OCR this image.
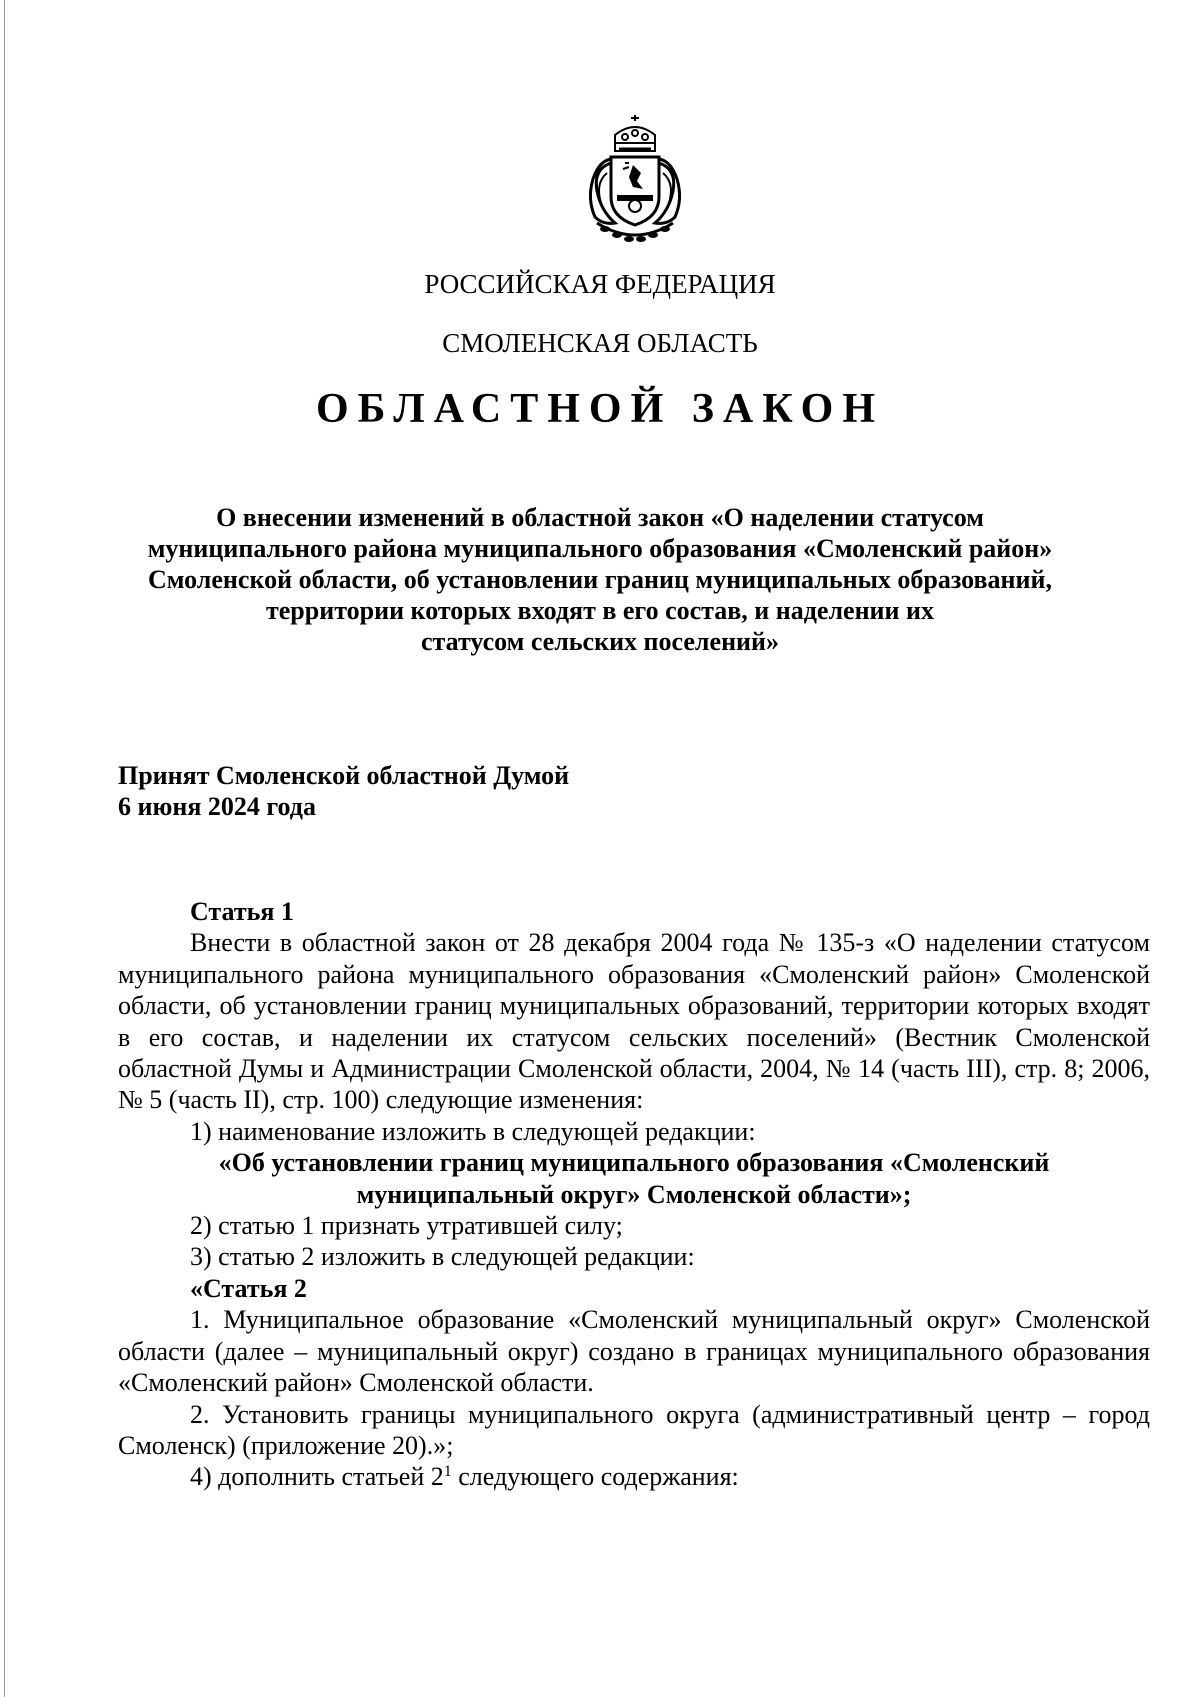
РОССИЙСКАЯ ФЕДЕРАЦИЯ
СМОЛЕНСКАЯ ОБЛАСТЬ
ОБЛАСТНОЙ ЗАКОН
О внесении изменений в областной закон «О наделении статусом
муниципального района муниципального образования «Смоленский район»
Смоленской области, об установлении границ муниципальных образований,
территории которых входят в его состав, и наделении их
статусом сельских поселений»
Принят Смоленской областной Думой
6 июня 2024 года

Статья 1

Внести в областной закон от 28 декабря 2004 года № 135-з «О наделении статусом муниципального района муниципального образования «Смоленский район» Смоленской области, об установлении границ муниципальных образований, территории которых входят в его состав, и наделении их статусом сельских поселений» (Вестник Смоленской областной Думы и Администрации Смоленской области, 2004, № 14 (часть III), стр. 8; 2006, № 5 (часть II), стр. 100) следующие изменения:

1) наименование изложить в следующей редакции:

«Об установлении границ муниципального образования «Смоленский
муниципальный округ» Смоленской области»;

2) статью 1 признать утратившей силу;

3) статью 2 изложить в следующей редакции:

«Статья 2

1. Муниципальное образование «Смоленский муниципальный округ» Смоленской области (далее – муниципальный округ) создано в границах муниципального образования «Смоленский район» Смоленской области.

2. Установить границы муниципального округа (административный центр – город Смоленск) (приложение 20).»;

4) дополнить статьей $2^1$ следующего содержания:
